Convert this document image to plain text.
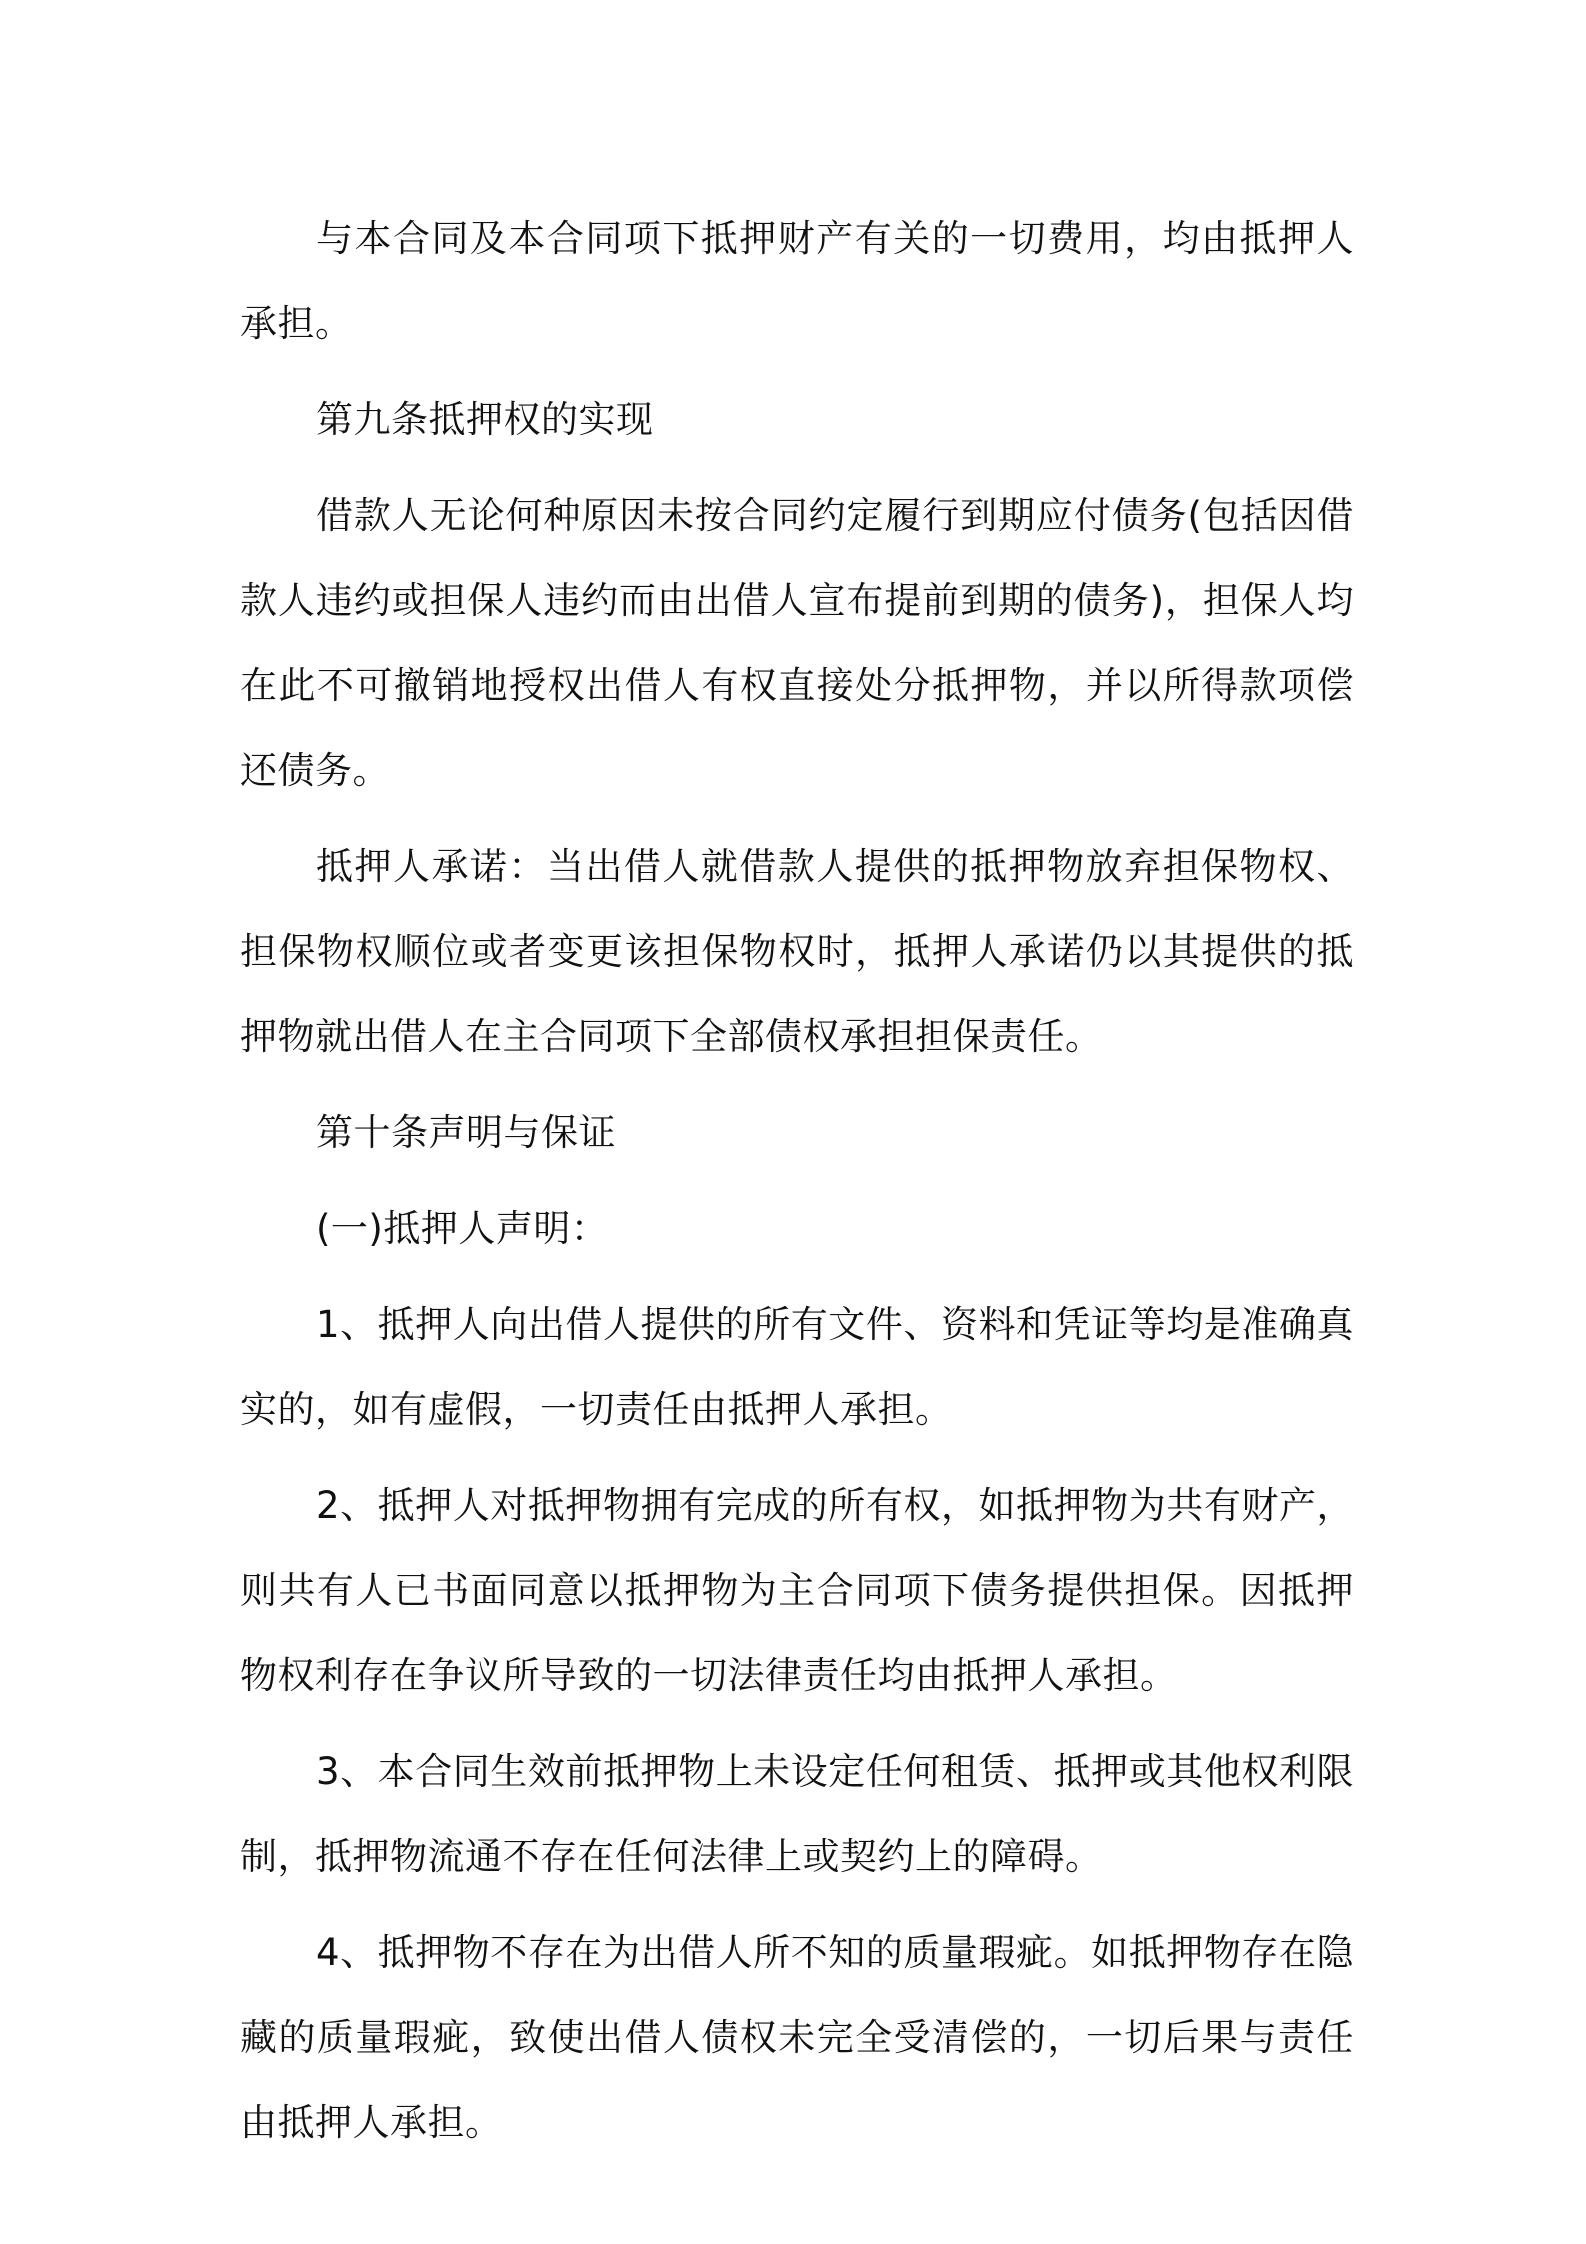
与本合同及本合同项下抵押财产有关的一切费用，均由抵押人承担。

第九条抵押权的实现

借款人无论何种原因未按合同约定履行到期应付债务(包括因借款人违约或担保人违约而由出借人宣布提前到期的债务)，担保人均在此不可撤销地授权出借人有权直接处分抵押物，并以所得款项偿还债务。

抵押人承诺：当出借人就借款人提供的抵押物放弃担保物权、担保物权顺位或者变更该担保物权时，抵押人承诺仍以其提供的抵押物就出借人在主合同项下全部债权承担担保责任。

第十条声明与保证

(一)抵押人声明：

1、抵押人向出借人提供的所有文件、资料和凭证等均是准确真实的，如有虚假，一切责任由抵押人承担。

2、抵押人对抵押物拥有完成的所有权，如抵押物为共有财产，则共有人已书面同意以抵押物为主合同项下债务提供担保。因抵押物权利存在争议所导致的一切法律责任均由抵押人承担。

3、本合同生效前抵押物上未设定任何租赁、抵押或其他权利限制，抵押物流通不存在任何法律上或契约上的障碍。

4、抵押物不存在为出借人所不知的质量瑕疵。如抵押物存在隐藏的质量瑕疵，致使出借人债权未完全受清偿的，一切后果与责任由抵押人承担。
